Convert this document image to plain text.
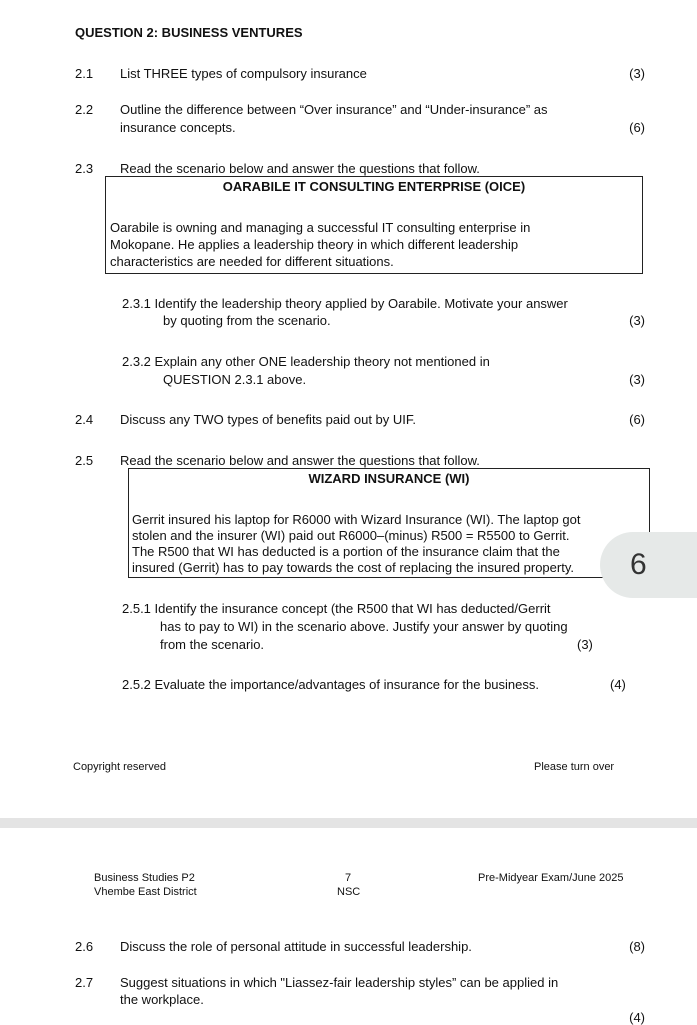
QUESTION 2: BUSINESS VENTURES
2.1 List THREE types of compulsory insurance	(3)
2.2 Outline the difference between “Over insurance” and “Under-insurance” as
insurance concepts.	(6)
2.3 Read the scenario below and answer the questions that follow.
OARABILE IT CONSULTING ENTERPRISE (OICE)
Oarabile is owning and managing a successful IT consulting enterprise in
Mokopane. He applies a leadership theory in which different leadership
characteristics are needed for different situations.
2.3.1 Identify the leadership theory applied by Oarabile. Motivate your answer
by quoting from the scenario.	(3)
2.3.2 Explain any other ONE leadership theory not mentioned in
QUESTION 2.3.1 above.	(3)
2.4 Discuss any TWO types of benefits paid out by UIF.	(6)
2.5 Read the scenario below and answer the questions that follow.
WIZARD INSURANCE (WI)
Gerrit insured his laptop for R6000 with Wizard Insurance (WI). The laptop got
stolen and the insurer (WI) paid out R6000–(minus) R500 = R5500 to Gerrit.
The R500 that WI has deducted is a portion of the insurance claim that the
insured (Gerrit) has to pay towards the cost of replacing the insured property.
2.5.1 Identify the insurance concept (the R500 that WI has deducted/Gerrit
has to pay to WI) in the scenario above. Justify your answer by quoting
from the scenario.	(3)
2.5.2 Evaluate the importance/advantages of insurance for the business.	(4)
Copyright reserved	Please turn over
6
Business Studies P2
Vhembe East District
7
NSC
Pre-Midyear Exam/June 2025
2.6 Discuss the role of personal attitude in successful leadership.	(8)
2.7 Suggest situations in which "Liassez-fair leadership styles” can be applied in
the workplace.
(4)
